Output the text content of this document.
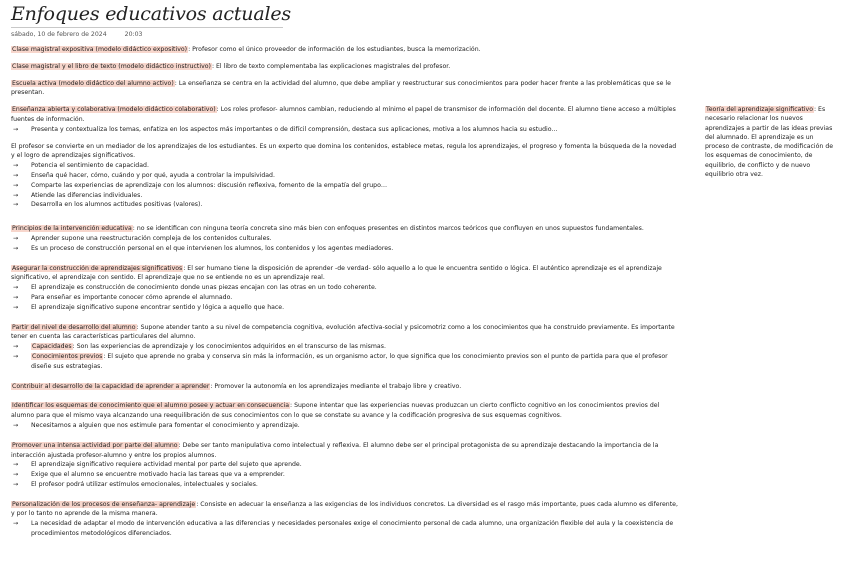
Enfoques educativos actuales
sábado, 10 de febrero de 2024	20:03

Clase magistral expositiva (modelo didáctico expositivo): Profesor como el único proveedor de información de los estudiantes, busca la memorización.

Clase magistral y el libro de texto (modelo didáctico instructivo): El libro de texto complementaba las explicaciones magistrales del profesor.

Escuela activa (modelo didáctico del alumno activo): La enseñanza se centra en la actividad del alumno, que debe ampliar y reestructurar sus conocimientos para poder hacer frente a las problemáticas que se le presentan.

Enseñanza abierta y colaborativa (modelo didáctico colaborativo): Los roles profesor- alumnos cambian, reduciendo al mínimo el papel de transmisor de información del docente. El alumno tiene acceso a múltiples fuentes de información.

→	Presenta y contextualiza los temas, enfatiza en los aspectos más importantes o de difícil comprensión, destaca sus aplicaciones, motiva a los alumnos hacia su estudio…

El profesor se convierte en un mediador de los aprendizajes de los estudiantes. Es un experto que domina los contenidos, establece metas, regula los aprendizajes, el progreso y fomenta la búsqueda de la novedad y el logro de aprendizajes significativos.

→	Potencia el sentimiento de capacidad.
→	Enseña qué hacer, cómo, cuándo y por qué, ayuda a controlar la impulsividad.
→	Comparte las experiencias de aprendizaje con los alumnos: discusión reflexiva, fomento de la empatía del grupo…
→	Atiende las diferencias individuales.
→	Desarrolla en los alumnos actitudes positivas (valores).

Principios de la intervención educativa: no se identifican con ninguna teoría concreta sino más bien con enfoques presentes en distintos marcos teóricos que confluyen en unos supuestos fundamentales.

→	Aprender supone una reestructuración compleja de los contenidos culturales.
→	Es un proceso de construcción personal en el que intervienen los alumnos, los contenidos y los agentes mediadores.

Asegurar la construcción de aprendizajes significativos: El ser humano tiene la disposición de aprender -de verdad- sólo aquello a lo que le encuentra sentido o lógica. El auténtico aprendizaje es el aprendizaje significativo, el aprendizaje con sentido. El aprendizaje que no se entiende no es un aprendizaje real.

→	El aprendizaje es construcción de conocimiento donde unas piezas encajan con las otras en un todo coherente.
→	Para enseñar es importante conocer cómo aprende el alumnado.
→	El aprendizaje significativo supone encontrar sentido y lógica a aquello que hace.

Partir del nivel de desarrollo del alumno: Supone atender tanto a su nivel de competencia cognitiva, evolución afectiva-social y psicomotriz como a los conocimientos que ha construido previamente. Es importante tener en cuenta las características particulares del alumno.

→	Capacidades: Son las experiencias de aprendizaje y los conocimientos adquiridos en el transcurso de las mismas.
→	Conocimientos previos: El sujeto que aprende no graba y conserva sin más la información, es un organismo actor, lo que significa que los conocimiento previos son el punto de partida para que el profesor diseñe sus estrategias.

Contribuir al desarrollo de la capacidad de aprender a aprender: Promover la autonomía en los aprendizajes mediante el trabajo libre y creativo.

Identificar los esquemas de conocimiento que el alumno posee y actuar en consecuencia: Supone intentar que las experiencias nuevas produzcan un cierto conflicto cognitivo en los conocimientos previos del alumno para que el mismo vaya alcanzando una reequilibración de sus conocimientos con lo que se constate su avance y la codificación progresiva de sus esquemas cognitivos.

→	Necesitamos a alguien que nos estimule para fomentar el conocimiento y aprendizaje.

Promover una intensa actividad por parte del alumno: Debe ser tanto manipulativa como intelectual y reflexiva. El alumno debe ser el principal protagonista de su aprendizaje destacando la importancia de la interacción ajustada profesor-alumno y entre los propios alumnos.

→	El aprendizaje significativo requiere actividad mental por parte del sujeto que aprende.
→	Exige que el alumno se encuentre motivado hacia las tareas que va a emprender.
→	El profesor podrá utilizar estímulos emocionales, intelectuales y sociales.

Personalización de los procesos de enseñanza- aprendizaje: Consiste en adecuar la enseñanza a las exigencias de los individuos concretos. La diversidad es el rasgo más importante, pues cada alumno es diferente, y por lo tanto no aprende de la misma manera.

→	La necesidad de adaptar el modo de intervención educativa a las diferencias y necesidades personales exige el conocimiento personal de cada alumno, una organización flexible del aula y la coexistencia de procedimientos metodológicos diferenciados.
Teoría del aprendizaje significativo: Es necesario relacionar los nuevos aprendizajes a partir de las ideas previas del alumnado. El aprendizaje es un proceso de contraste, de modificación de los esquemas de conocimiento, de equilibrio, de conflicto y de nuevo equilibrio otra vez.
